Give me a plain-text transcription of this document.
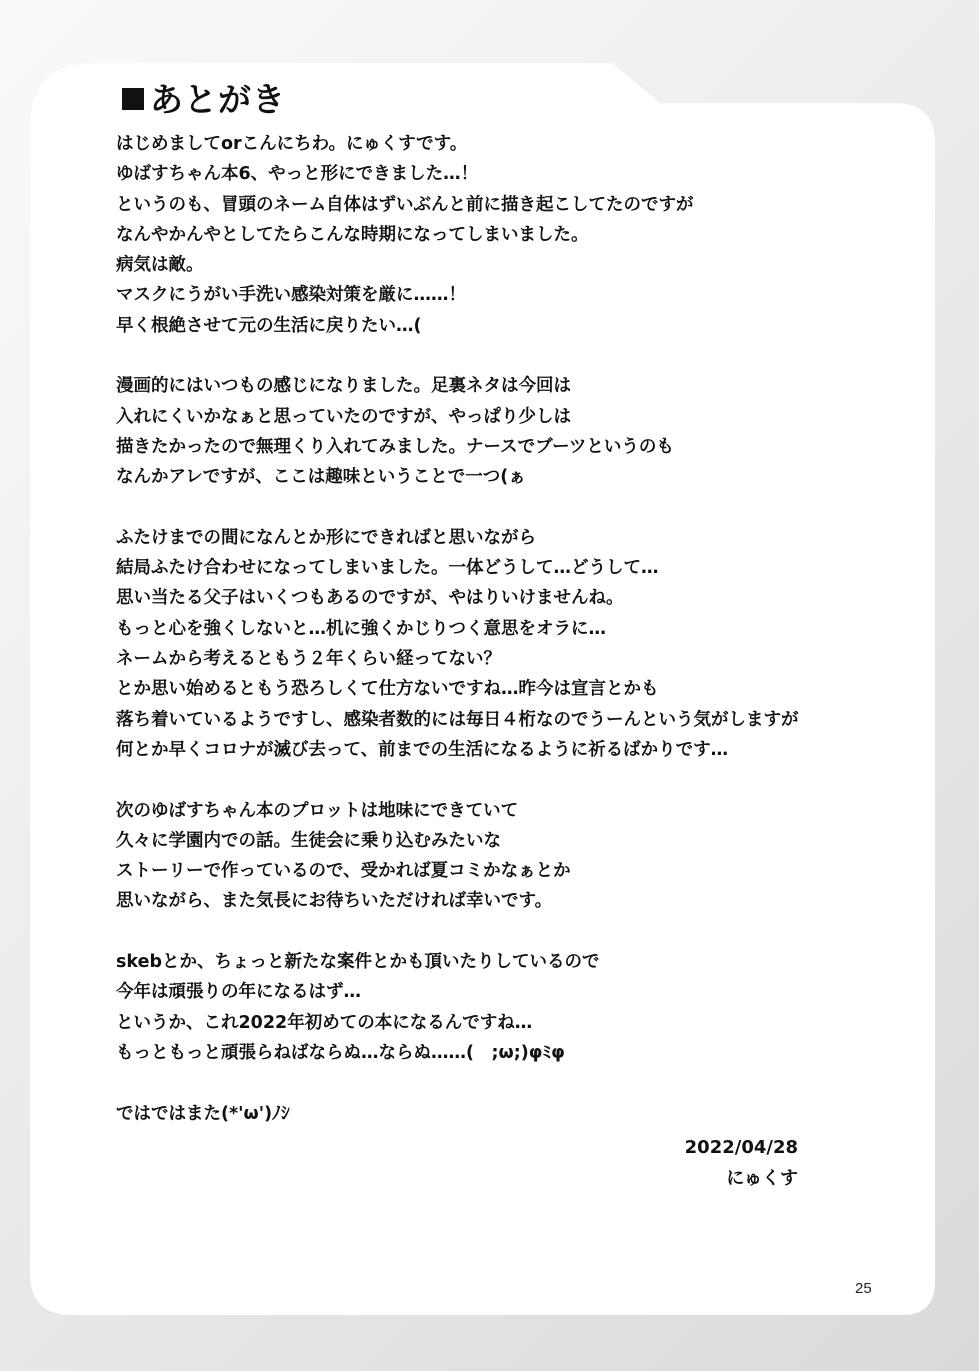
あとがき
はじめましてorこんにちわ。にゅくすです。
ゆばすちゃん本6、やっと形にできました…！
というのも、冒頭のネーム自体はずいぶんと前に描き起こしてたのですが
なんやかんやとしてたらこんな時期になってしまいました。
病気は敵。
マスクにうがい手洗い感染対策を厳に……！
早く根絶させて元の生活に戻りたい…(
漫画的にはいつもの感じになりました。足裏ネタは今回は
入れにくいかなぁと思っていたのですが、やっぱり少しは
描きたかったので無理くり入れてみました。ナースでブーツというのも
なんかアレですが、ここは趣味ということで一つ(ぁ
ふたけまでの間になんとか形にできればと思いながら
結局ふたけ合わせになってしまいました。一体どうして…どうして…
思い当たる父子はいくつもあるのですが、やはりいけませんね。
もっと心を強くしないと…机に強くかじりつく意思をオラに…
ネームから考えるともう２年くらい経ってない？
とか思い始めるともう恐ろしくて仕方ないですね…昨今は宣言とかも
落ち着いているようですし、感染者数的には毎日４桁なのでうーんという気がしますが
何とか早くコロナが滅び去って、前までの生活になるように祈るばかりです…
次のゆばすちゃん本のプロットは地味にできていて
久々に学園内での話。生徒会に乗り込むみたいな
ストーリーで作っているので、受かれば夏コミかなぁとか
思いながら、また気長にお待ちいただければ幸いです。
skebとか、ちょっと新たな案件とかも頂いたりしているので
今年は頑張りの年になるはず…
というか、これ2022年初めての本になるんですね…
もっともっと頑張らねばならぬ…ならぬ……(　;ω;)φﾐφ
ではではまた(*'ω')ﾉｼ
2022/04/28
にゅくす
25
